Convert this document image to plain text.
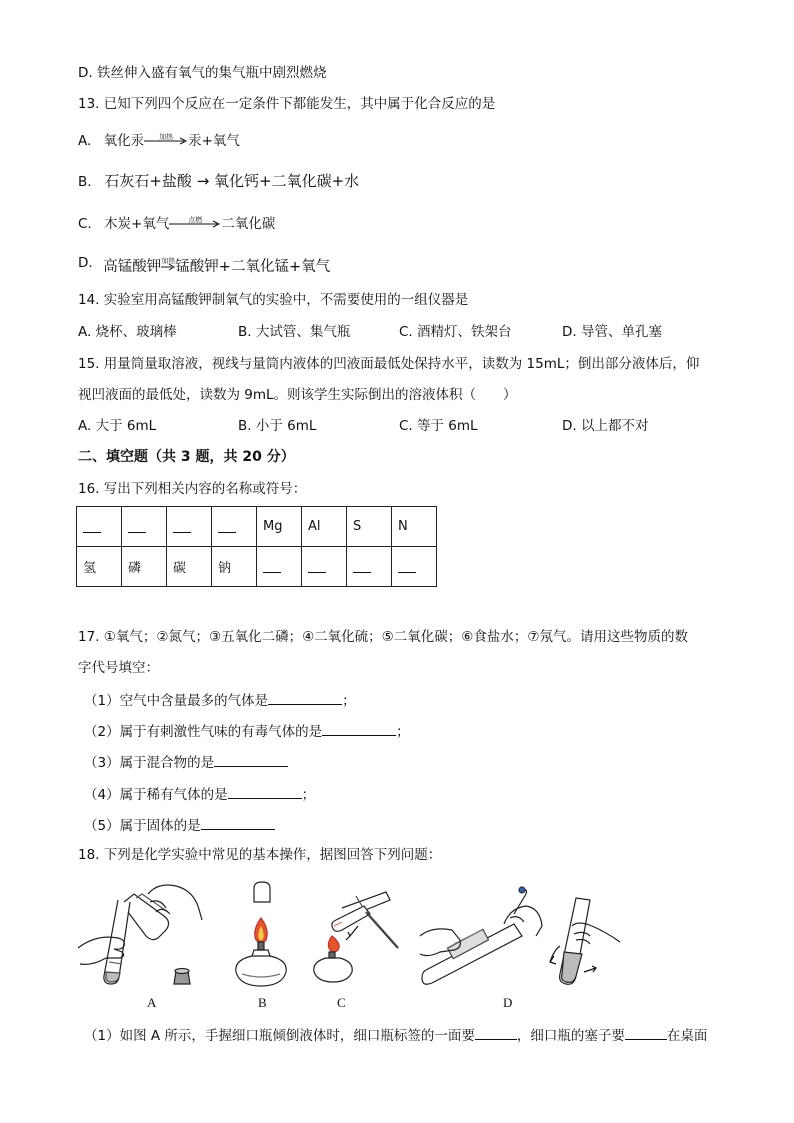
D. 铁丝伸入盛有氧气的集气瓶中剧烈燃烧
13. 已知下列四个反应在一定条件下都能发生，其中属于化合反应的是
A. 氧化汞	加热	汞+氧气
B. 石灰石+盐酸 → 氧化钙+二氧化碳+水
C. 木炭+氧气	点燃	二氧化碳
D. 高锰酸钾 加热 锰酸钾+二氧化锰+氧气
14. 实验室用高锰酸钾制氧气的实验中，不需要使用的一组仪器是
A. 烧杯、玻璃棒	B. 大试管、集气瓶	C. 酒精灯、铁架台	D. 导管、单孔塞
15. 用量筒量取溶液，视线与量筒内液体的凹液面最低处保持水平，读数为 15mL；倒出部分液体后，仰
视凹液面的最低处，读数为 9mL。则该学生实际倒出的溶液体积（　　）
A. 大于 6mL	B. 小于 6mL	C. 等于 6mL	D. 以上都不对
二、填空题（共 3 题，共 20 分）
16. 写出下列相关内容的名称或符号：
				Mg	Al	S	N
氢	磷	碳	钠				
17. ①氧气；②氮气；③五氧化二磷；④二氧化硫；⑤二氧化碳；⑥食盐水；⑦氖气。请用这些物质的数
字代号填空：
（1）空气中含量最多的气体是	；
（2）属于有刺激性气味的有毒气体的是	；
（3）属于混合物的是
（4）属于稀有气体的是	；
（5）属于固体的是
18. 下列是化学实验中常见的基本操作，据图回答下列问题：
A	B	C	D
（1）如图 A 所示，手握细口瓶倾倒液体时，细口瓶标签的一面要	，细口瓶的塞子要	在桌面
